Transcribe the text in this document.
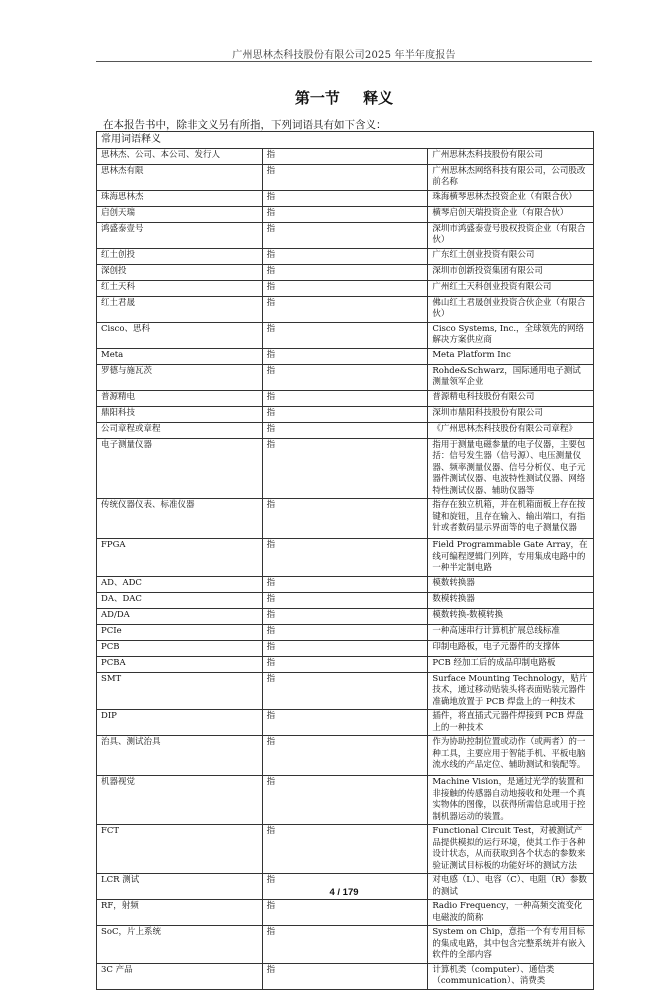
广州思林杰科技股份有限公司2025 年半年度报告
第一节 释义
在本报告书中，除非文义另有所指，下列词语具有如下含义：
常用词语释义		
思林杰、公司、本公司、发行人	指	广州思林杰科技股份有限公司
思林杰有限	指	广州思林杰网络科技有限公司，公司股改前名称
珠海思林杰	指	珠海横琴思林杰投资企业（有限合伙）
启创天瑞	指	横琴启创天瑞投资企业（有限合伙）
鸿盛泰壹号	指	深圳市鸿盛泰壹号股权投资企业（有限合伙）
红土创投	指	广东红土创业投资有限公司
深创投	指	深圳市创新投资集团有限公司
红土天科	指	广州红土天科创业投资有限公司
红土君晟	指	佛山红土君晟创业投资合伙企业（有限合伙）
Cisco、思科	指	Cisco Systems, Inc.，全球领先的网络解决方案供应商
Meta	指	Meta Platform Inc
罗德与施瓦茨	指	Rohde&Schwarz，国际通用电子测试测量领军企业
普源精电	指	普源精电科技股份有限公司
鼎阳科技	指	深圳市鼎阳科技股份有限公司
公司章程或章程	指	《广州思林杰科技股份有限公司章程》
电子测量仪器	指	指用于测量电磁参量的电子仪器，主要包括：信号发生器（信号源）、电压测量仪器、频率测量仪器、信号分析仪、电子元器件测试仪器、电波特性测试仪器、网络特性测试仪器、辅助仪器等
传统仪器仪表、标准仪器	指	指存在独立机箱，并在机箱面板上存在按键和旋钮，且存在输入、输出端口，有指针或者数码显示界面等的电子测量仪器
FPGA	指	Field Programmable Gate Array，在线可编程逻辑门列阵，专用集成电路中的一种半定制电路
AD、ADC	指	模数转换器
DA、DAC	指	数模转换器
AD/DA	指	模数转换-数模转换
PCIe	指	一种高速串行计算机扩展总线标准
PCB	指	印制电路板，电子元器件的支撑体
PCBA	指	PCB 经加工后的成品印制电路板
SMT	指	Surface Mounting Technology，贴片技术，通过移动贴装头将表面贴装元器件准确地放置于 PCB 焊盘上的一种技术
DIP	指	插件，将直插式元器件焊接到 PCB 焊盘上的一种技术
治具、测试治具	指	作为协助控制位置或动作（或两者）的一种工具，主要应用于智能手机、平板电脑流水线的产品定位、辅助测试和装配等。
机器视觉	指	Machine Vision，是通过光学的装置和非接触的传感器自动地接收和处理一个真实物体的图像，以获得所需信息或用于控制机器运动的装置。
FCT	指	Functional Circuit Test，对被测试产品提供模拟的运行环境，使其工作于各种设计状态，从而获取到各个状态的参数来验证测试目标板的功能好坏的测试方法
LCR 测试	指	对电感（L）、电容（C）、电阻（R）参数的测试
RF，射频	指	Radio Frequency，一种高频交流变化电磁波的简称
SoC，片上系统	指	System on Chip，意指一个有专用目标的集成电路，其中包含完整系统并有嵌入软件的全部内容
3C 产品	指	计算机类（computer）、通信类（communication）、消费类
4 / 179
